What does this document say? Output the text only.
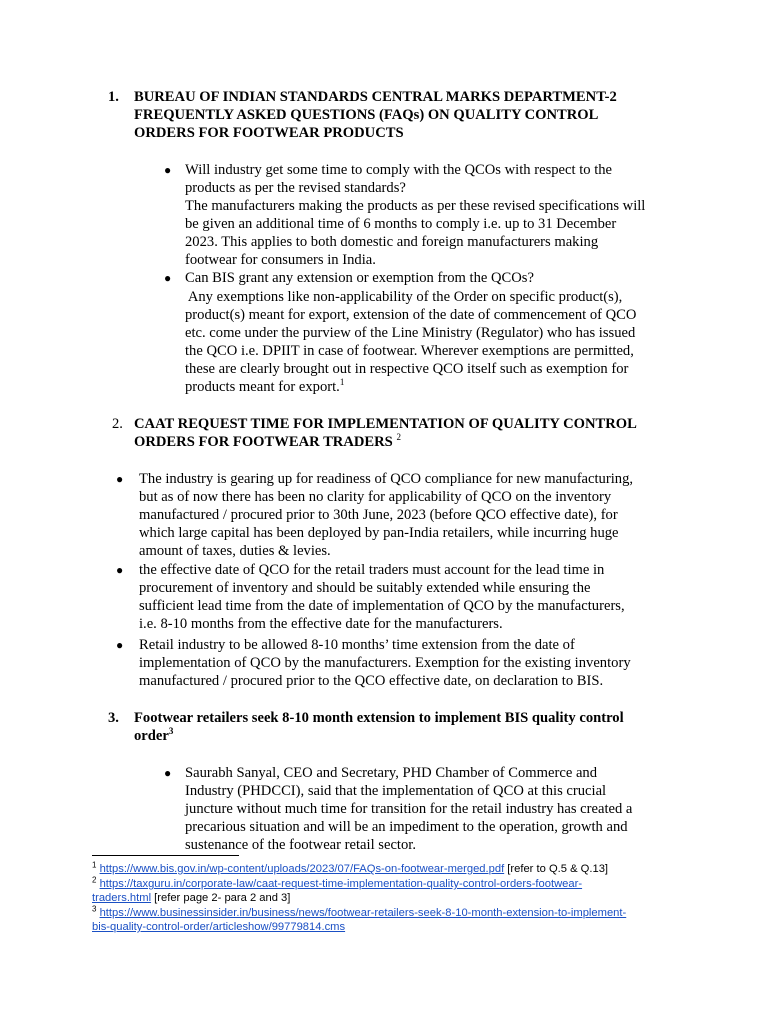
1. BUREAU OF INDIAN STANDARDS CENTRAL MARKS DEPARTMENT-2
FREQUENTLY ASKED QUESTIONS (FAQs) ON QUALITY CONTROL
ORDERS FOR FOOTWEAR PRODUCTS
● Will industry get some time to comply with the QCOs with respect to the
products as per the revised standards?
The manufacturers making the products as per these revised specifications will
be given an additional time of 6 months to comply i.e. up to 31 December
2023. This applies to both domestic and foreign manufacturers making
footwear for consumers in India.
● Can BIS grant any extension or exemption from the QCOs?
Any exemptions like non-applicability of the Order on specific product(s),
product(s) meant for export, extension of the date of commencement of QCO
etc. come under the purview of the Line Ministry (Regulator) who has issued
the QCO i.e. DPIIT in case of footwear. Wherever exemptions are permitted,
these are clearly brought out in respective QCO itself such as exemption for
products meant for export.$^1$
2. CAAT REQUEST TIME FOR IMPLEMENTATION OF QUALITY CONTROL
ORDERS FOR FOOTWEAR TRADERS $^2$
● The industry is gearing up for readiness of QCO compliance for new manufacturing,
but as of now there has been no clarity for applicability of QCO on the inventory
manufactured / procured prior to 30th June, 2023 (before QCO effective date), for
which large capital has been deployed by pan-India retailers, while incurring huge
amount of taxes, duties & levies.
● the effective date of QCO for the retail traders must account for the lead time in
procurement of inventory and should be suitably extended while ensuring the
sufficient lead time from the date of implementation of QCO by the manufacturers,
i.e. 8-10 months from the effective date for the manufacturers.
● Retail industry to be allowed 8-10 months’ time extension from the date of
implementation of QCO by the manufacturers. Exemption for the existing inventory
manufactured / procured prior to the QCO effective date, on declaration to BIS.
3. Footwear retailers seek 8-10 month extension to implement BIS quality control
order$^3$
● Saurabh Sanyal, CEO and Secretary, PHD Chamber of Commerce and
Industry (PHDCCI), said that the implementation of QCO at this crucial
juncture without much time for transition for the retail industry has created a
precarious situation and will be an impediment to the operation, growth and
sustenance of the footwear retail sector.
$^1$ https://www.bis.gov.in/wp-content/uploads/2023/07/FAQs-on-footwear-merged.pdf [refer to Q.5 & Q.13]
$^2$ https://taxguru.in/corporate-law/caat-request-time-implementation-quality-control-orders-footwear-
traders.html [refer page 2- para 2 and 3]
$^3$ https://www.businessinsider.in/business/news/footwear-retailers-seek-8-10-month-extension-to-implement-
bis-quality-control-order/articleshow/99779814.cms
